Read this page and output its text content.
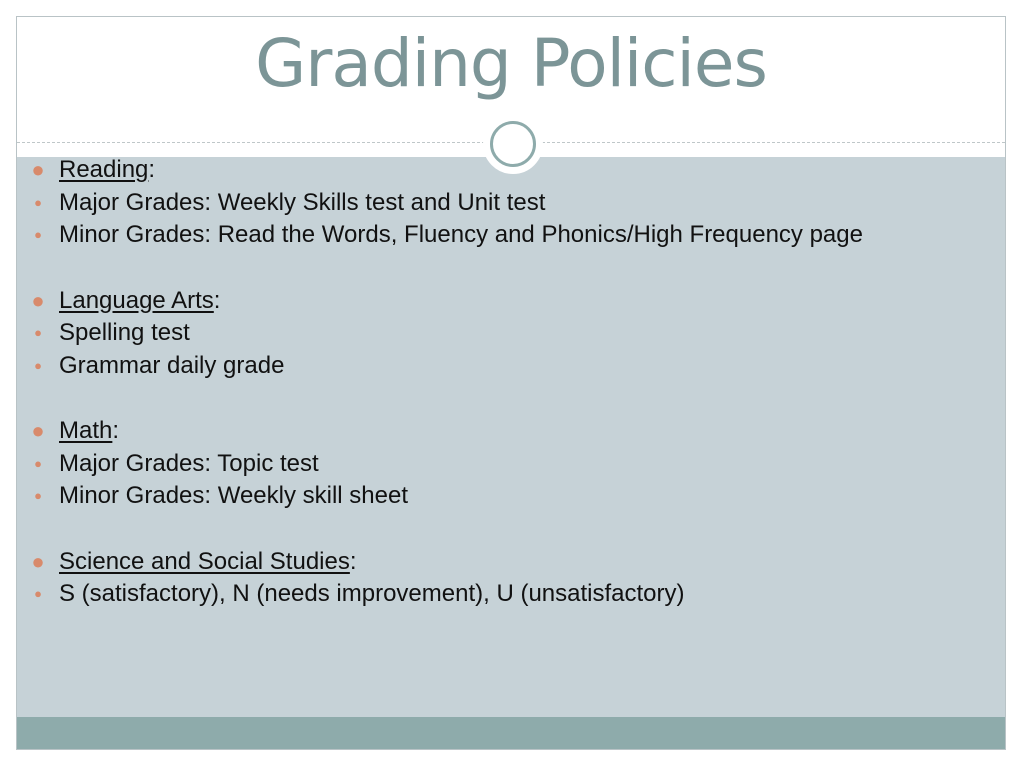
Grading Policies
● Reading:
● Major Grades: Weekly Skills test and Unit test
● Minor Grades: Read the Words, Fluency and Phonics/High Frequency page
● Language Arts:
● Spelling test
● Grammar daily grade
● Math:
● Major Grades: Topic test
● Minor Grades: Weekly skill sheet
● Science and Social Studies:
● S (satisfactory), N (needs improvement), U (unsatisfactory)
